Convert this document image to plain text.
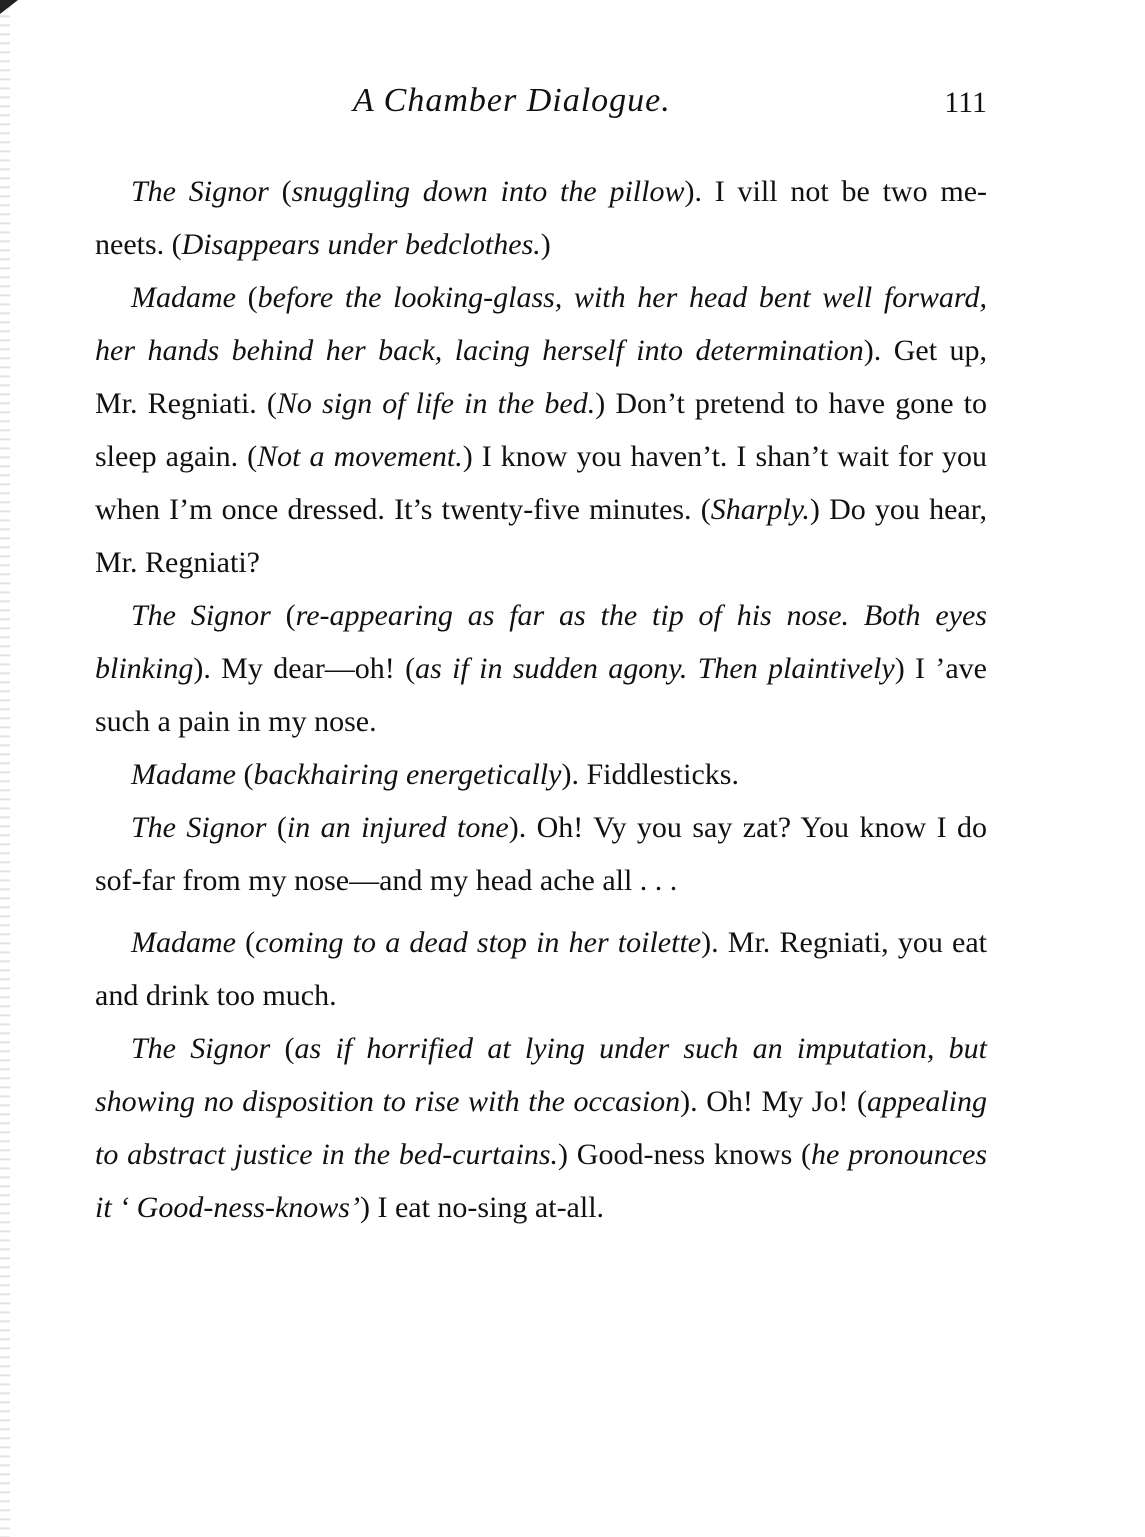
A Chamber Dialogue.	111

The Signor (snuggling down into the pillow). I vill not be two me-neets. (Disappears under bedclothes.)

Madame (before the looking-glass, with her head bent well forward, her hands behind her back, lacing herself into determination). Get up, Mr. Regniati. (No sign of life in the bed.) Don’t pretend to have gone to sleep again. (Not a movement.) I know you haven’t. I shan’t wait for you when I’m once dressed. It’s twenty-five minutes. (Sharply.) Do you hear, Mr. Regniati?

The Signor (re-appearing as far as the tip of his nose. Both eyes blinking). My dear—oh! (as if in sudden agony. Then plaintively) I ’ave such a pain in my nose.

Madame (backhairing energetically). Fiddlesticks.

The Signor (in an injured tone). Oh! Vy you say zat? You know I do sof-far from my nose—and my head ache all . . .

Madame (coming to a dead stop in her toilette). Mr. Regniati, you eat and drink too much.

The Signor (as if horrified at lying under such an imputation, but showing no disposition to rise with the occasion). Oh! My Jo! (appealing to abstract justice in the bed-curtains.) Good-ness knows (he pronounces it ‘ Good-ness-knows’) I eat no-sing at-all.
